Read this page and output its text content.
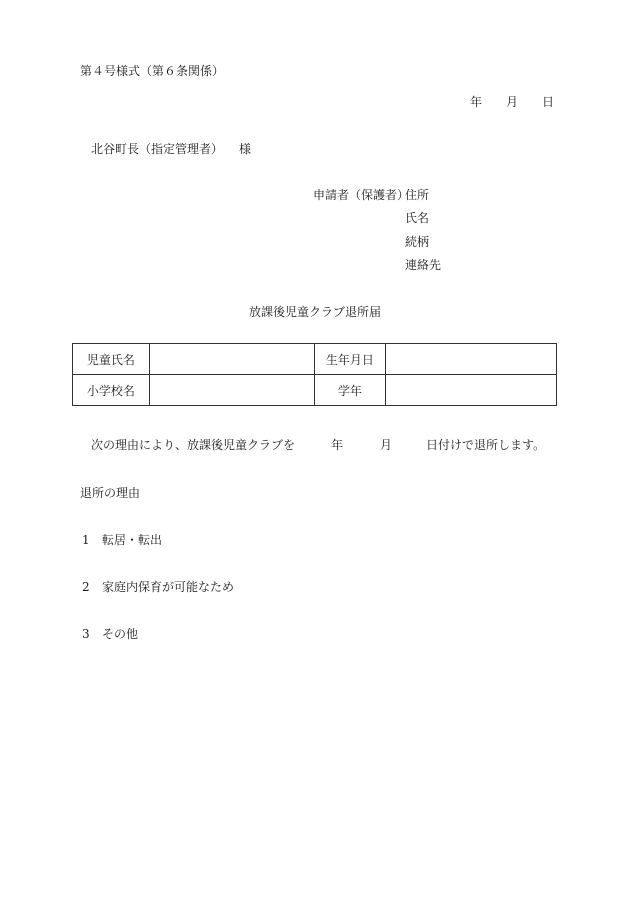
第４号様式（第６条関係）
年 月 日
北谷町長（指定管理者） 様
申請者（保護者）
住所
氏名
続柄
連絡先
放課後児童クラブ退所届
児童氏名		生年月日	
小学校名		学年	
次の理由により、放課後児童クラブを	年	月	日付けで退所します。
退所の理由
1 転居・転出
2 家庭内保育が可能なため
3 その他
